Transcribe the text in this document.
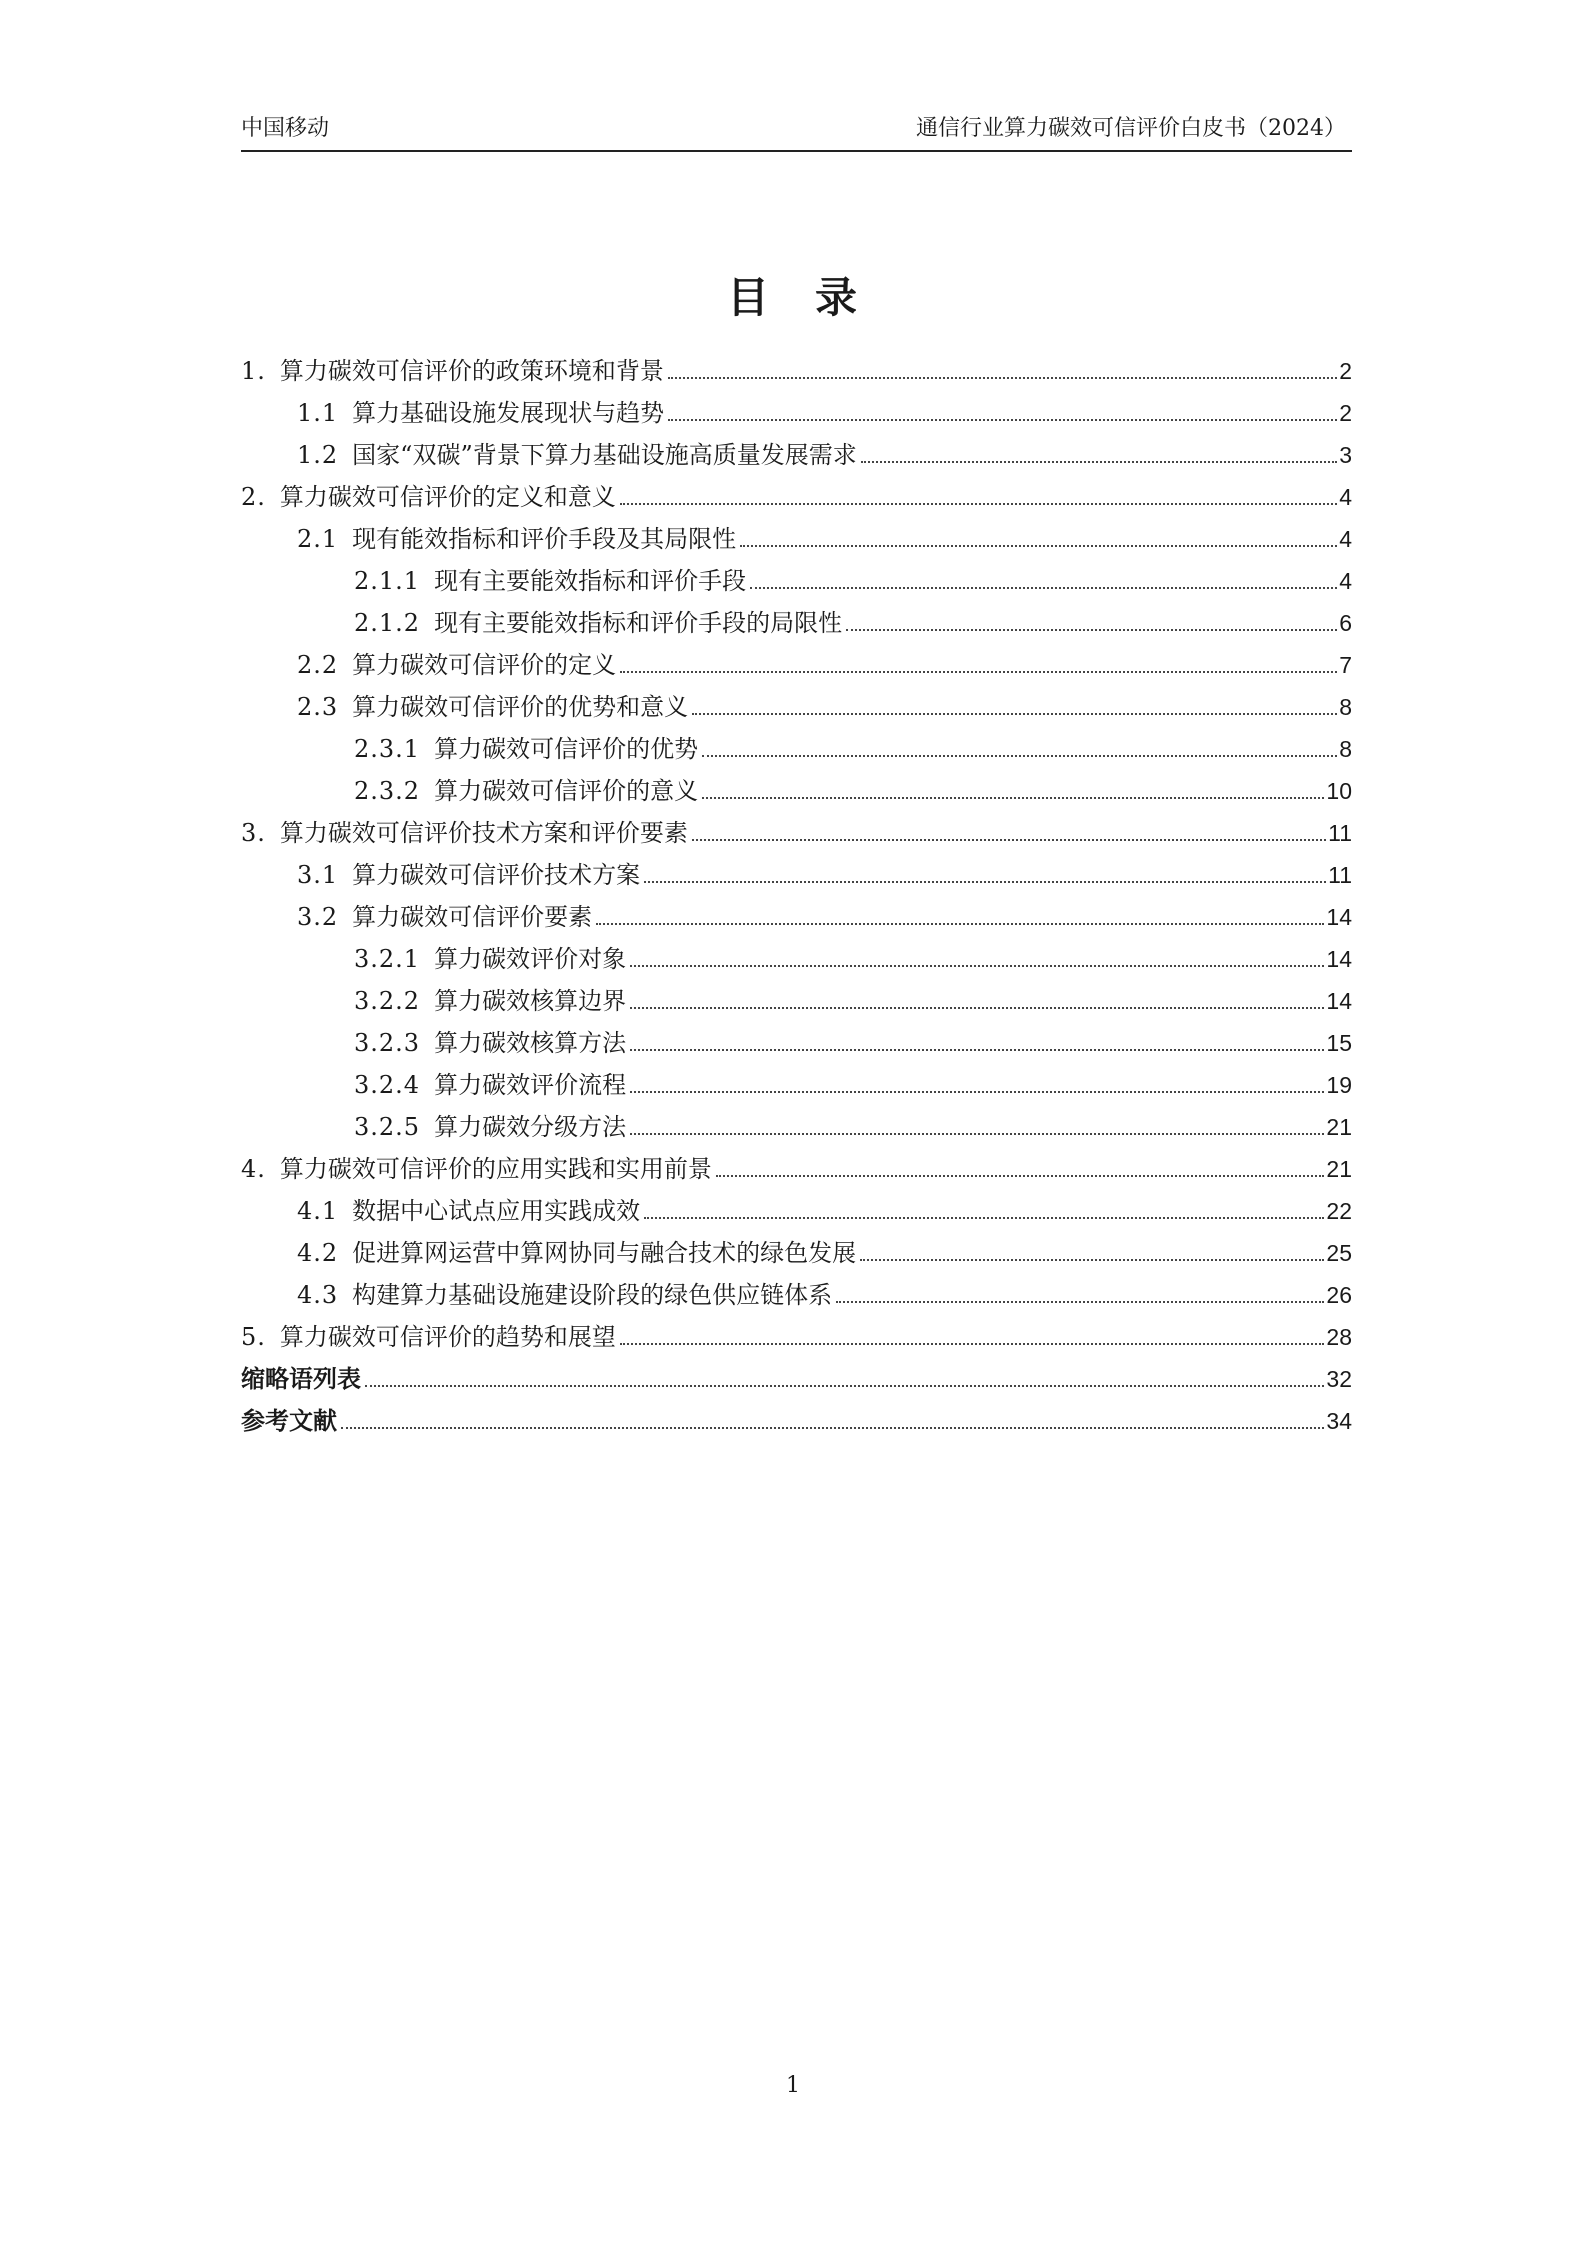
中国移动	通信行业算力碳效可信评价白皮书（2024）
目　录
1. 算力碳效可信评价的政策环境和背景	2
1.1 算力基础设施发展现状与趋势	2
1.2 国家“双碳”背景下算力基础设施高质量发展需求	3
2. 算力碳效可信评价的定义和意义	4
2.1 现有能效指标和评价手段及其局限性	4
2.1.1 现有主要能效指标和评价手段	4
2.1.2 现有主要能效指标和评价手段的局限性	6
2.2 算力碳效可信评价的定义	7
2.3 算力碳效可信评价的优势和意义	8
2.3.1 算力碳效可信评价的优势	8
2.3.2 算力碳效可信评价的意义	10
3. 算力碳效可信评价技术方案和评价要素	11
3.1 算力碳效可信评价技术方案	11
3.2 算力碳效可信评价要素	14
3.2.1 算力碳效评价对象	14
3.2.2 算力碳效核算边界	14
3.2.3 算力碳效核算方法	15
3.2.4 算力碳效评价流程	19
3.2.5 算力碳效分级方法	21
4. 算力碳效可信评价的应用实践和实用前景	21
4.1 数据中心试点应用实践成效	22
4.2 促进算网运营中算网协同与融合技术的绿色发展	25
4.3 构建算力基础设施建设阶段的绿色供应链体系	26
5. 算力碳效可信评价的趋势和展望	28
缩略语列表	32
参考文献	34
1
